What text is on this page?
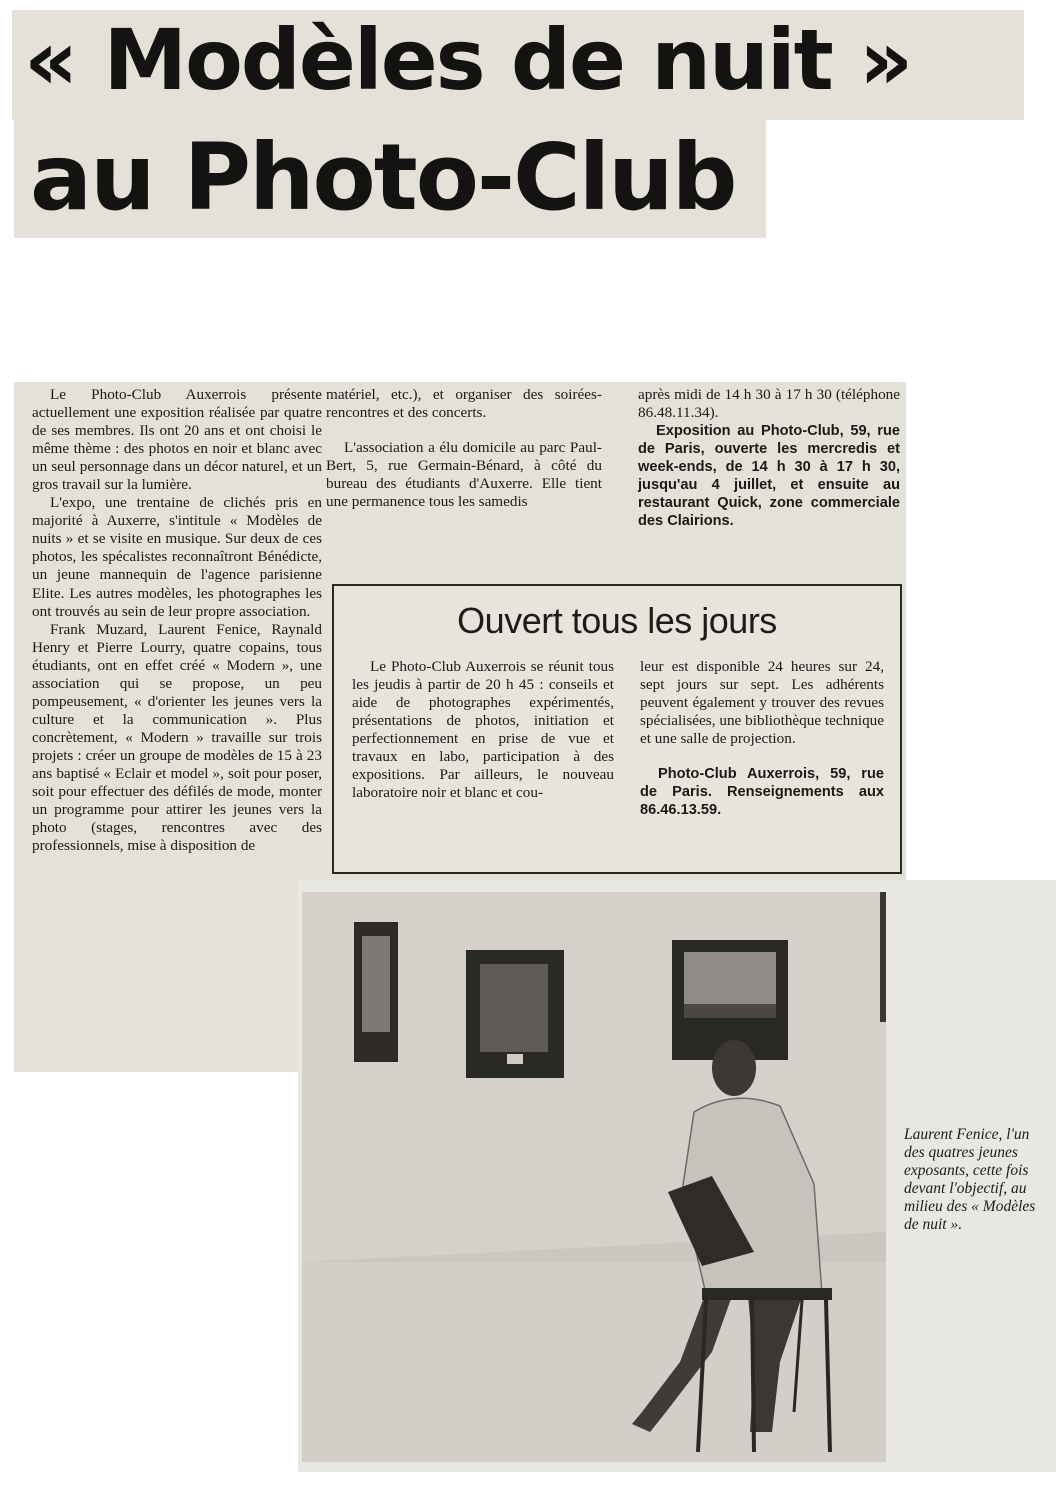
« Modèles de nuit »
au Photo-Club

Le Photo-Club Auxerrois présente actuellement une exposition réalisée par quatre de ses membres. Ils ont 20 ans et ont choisi le même thème : des photos en noir et blanc avec un seul personnage dans un décor naturel, et un gros travail sur la lumière.

L'expo, une trentaine de clichés pris en majorité à Auxerre, s'intitule « Modèles de nuits » et se visite en musique. Sur deux de ces photos, les spécalistes reconnaîtront Bénédicte, un jeune mannequin de l'agence parisienne Elite. Les autres modèles, les photographes les ont trouvés au sein de leur propre association.

Frank Muzard, Laurent Fenice, Raynald Henry et Pierre Lourry, quatre copains, tous étudiants, ont en effet créé « Modern », une association qui se propose, un peu pompeusement, « d'orienter les jeunes vers la culture et la communication ». Plus concrètement, « Modern » travaille sur trois projets : créer un groupe de modèles de 15 à 23 ans baptisé « Eclair et model », soit pour poser, soit pour effectuer des défilés de mode, monter un programme pour attirer les jeunes vers la photo (stages, rencontres avec des professionnels, mise à disposition de

matériel, etc.), et organiser des soirées-rencontres et des concerts.

L'association a élu domicile au parc Paul-Bert, 5, rue Germain-Bénard, à côté du bureau des étudiants d'Auxerre. Elle tient une permanence tous les samedis

après midi de 14 h 30 à 17 h 30 (téléphone 86.48.11.34).

Exposition au Photo-Club, 59, rue de Paris, ouverte les mercredis et week-ends, de 14 h 30 à 17 h 30, jusqu'au 4 juillet, et ensuite au restaurant Quick, zone commerciale des Clairions.

Ouvert tous les jours

Le Photo-Club Auxerrois se réunit tous les jeudis à partir de 20 h 45 : conseils et aide de photographes expérimentés, présentations de photos, initiation et perfectionnement en prise de vue et travaux en labo, participation à des expositions. Par ailleurs, le nouveau laboratoire noir et blanc et cou-

leur est disponible 24 heures sur 24, sept jours sur sept. Les adhérents peuvent également y trouver des revues spécialisées, une bibliothèque technique et une salle de projection.

Photo-Club Auxerrois, 59, rue de Paris. Renseignements aux 86.46.13.59.

Laurent Fenice, l'un des quatres jeunes exposants, cette fois devant l'objectif, au milieu des « Modèles de nuit ».
